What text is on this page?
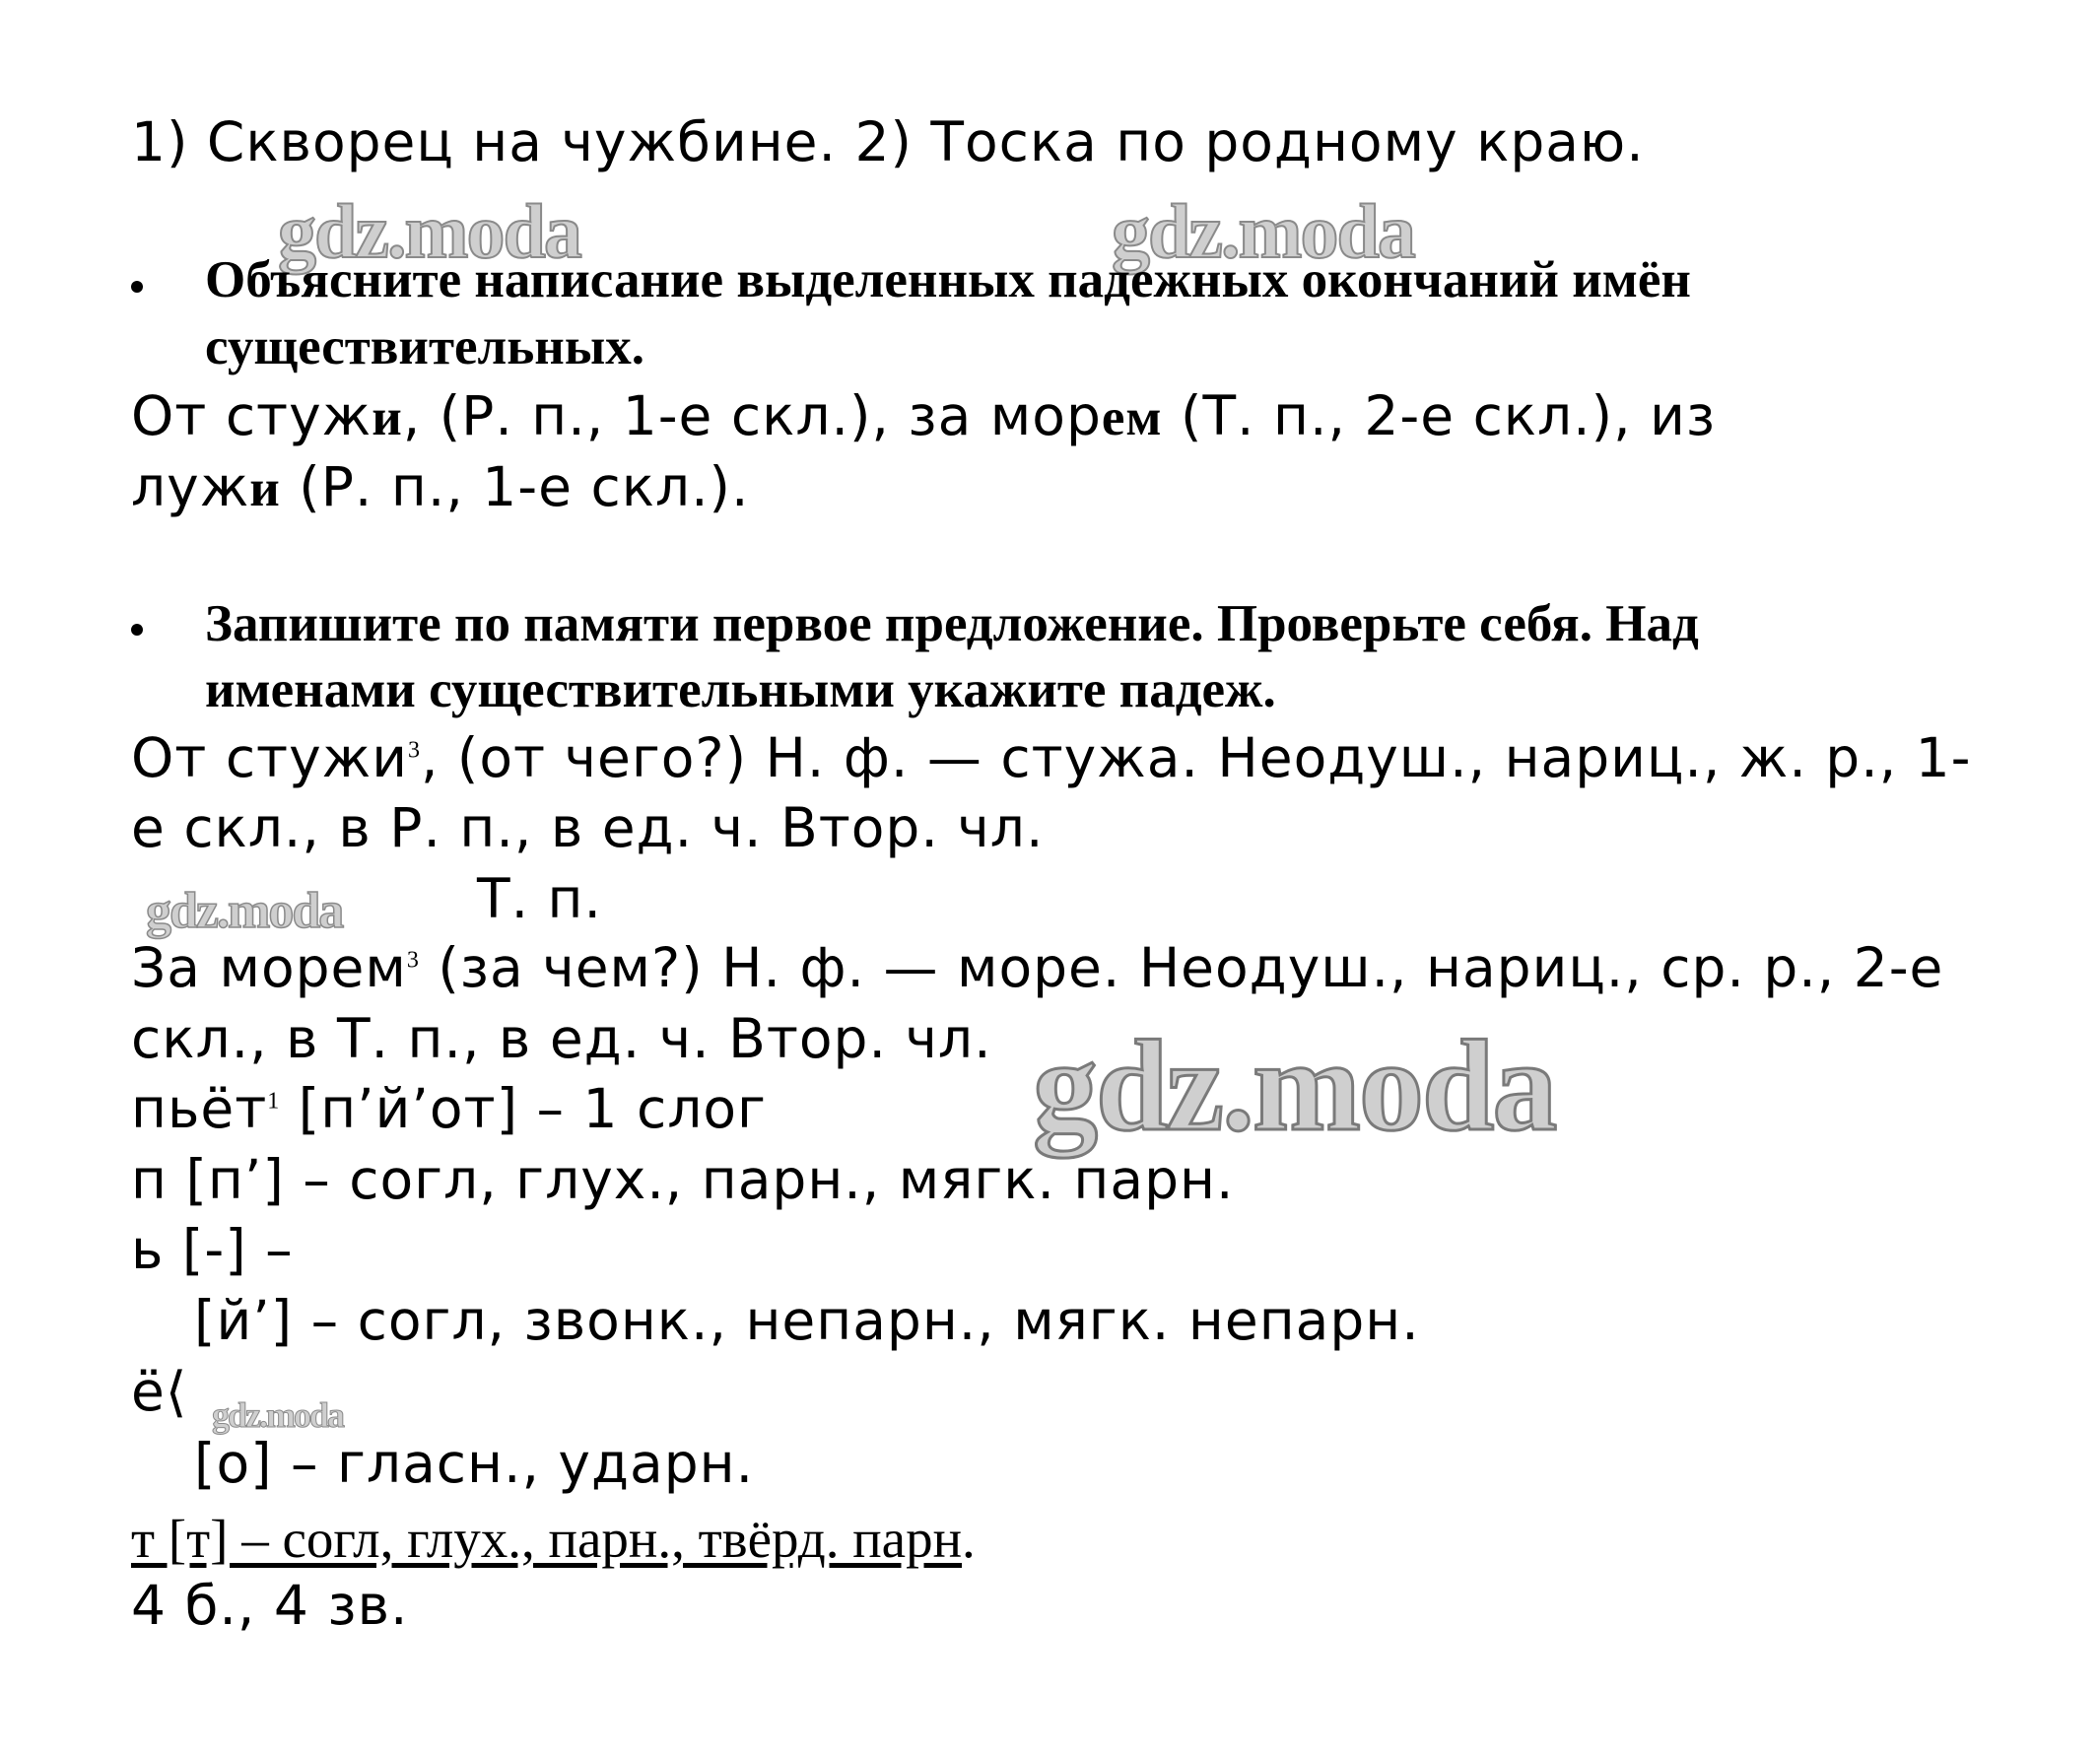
1) Скворец на чужбине. 2) Тоска по родному краю.
gdz.moda	gdz.moda
Объясните написание выделенных падежных окончаний имён
существительных.
От стужи, (Р. п., 1-е скл.), за морем (Т. п., 2-е скл.), из
лужи (Р. п., 1-е скл.).
Запишите по памяти первое предложение. Проверьте себя. Над
именами существительными укажите падеж.
От стужи$^3$, (от чего?) Н. ф. — стужа. Неодуш., нариц., ж. р., 1-
е скл., в Р. п., в ед. ч. Втор. чл.
gdz.moda Т. п.
За морем$^3$ (за чем?) Н. ф. — море. Неодуш., нариц., ср. р., 2-е
скл., в Т. п., в ед. ч. Втор. чл. gdz.moda
пьёт$^1$ [п’й’от] – 1 слог
п [п’] – согл, глух., парн., мягк. парн.
ь [-] –
[й’] – согл, звонк., непарн., мягк. непарн.
ё⟨ gdz.moda
[о] – гласн., ударн.
т [т] – согл, глух., парн., твёрд. парн.
4 б., 4 зв.
